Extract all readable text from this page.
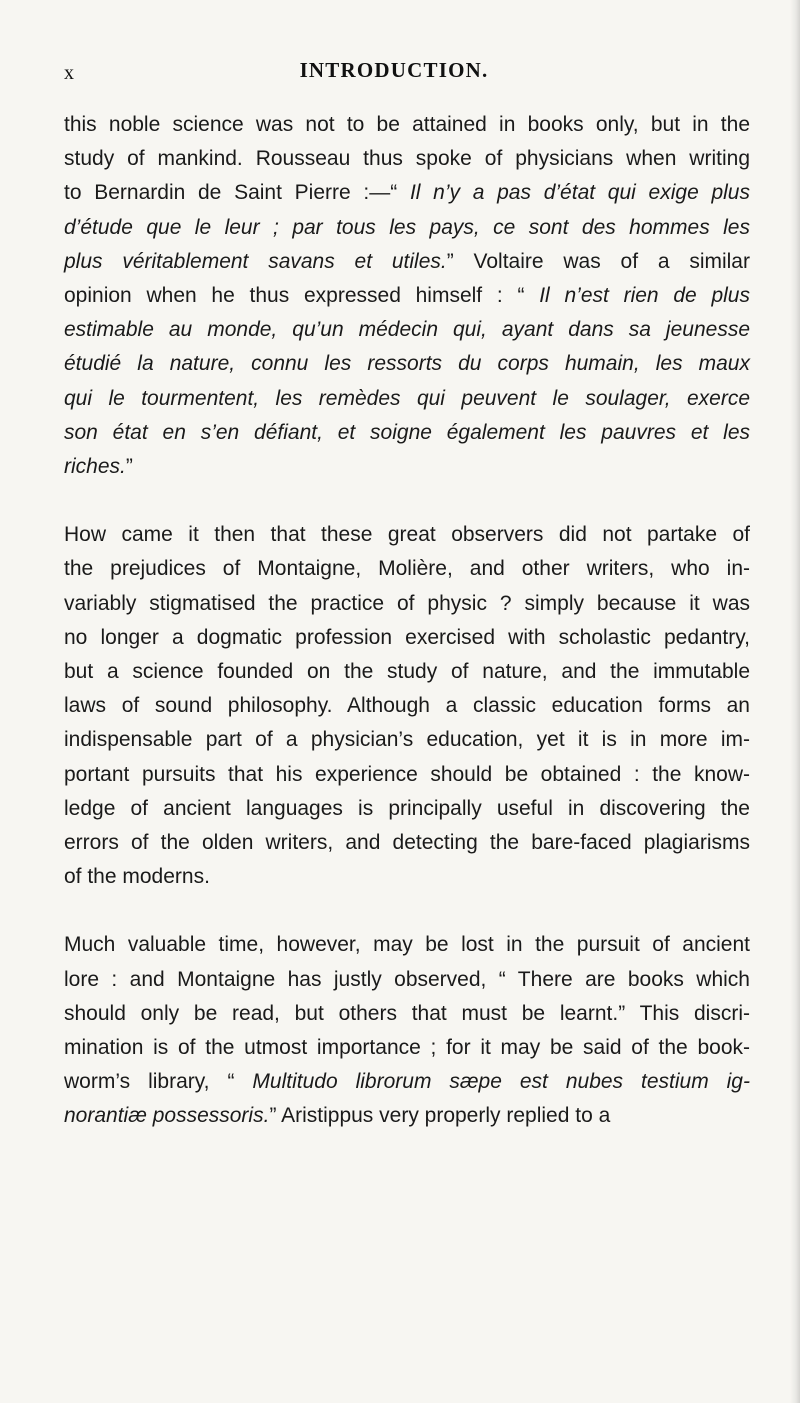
x	INTRODUCTION.

this noble science was not to be attained in books only, but in the
study of mankind. Rousseau thus spoke of physicians when writing
to Bernardin de Saint Pierre :—“ Il n’y a pas d’état qui exige plus
d’étude que le leur ; par tous les pays, ce sont des hommes les
plus véritablement savans et utiles.” Voltaire was of a similar
opinion when he thus expressed himself : “ Il n’est rien de plus
estimable au monde, qu’un médecin qui, ayant dans sa jeunesse
étudié la nature, connu les ressorts du corps humain, les maux
qui le tourmentent, les remèdes qui peuvent le soulager, exerce
son état en s’en défiant, et soigne également les pauvres et les
riches.”

How came it then that these great observers did not partake of
the prejudices of Montaigne, Molière, and other writers, who in-
variably stigmatised the practice of physic ? simply because it was
no longer a dogmatic profession exercised with scholastic pedantry,
but a science founded on the study of nature, and the immutable
laws of sound philosophy. Although a classic education forms an
indispensable part of a physician’s education, yet it is in more im-
portant pursuits that his experience should be obtained : the know-
ledge of ancient languages is principally useful in discovering the
errors of the olden writers, and detecting the bare-faced plagiarisms
of the moderns.

Much valuable time, however, may be lost in the pursuit of ancient
lore : and Montaigne has justly observed, “ There are books which
should only be read, but others that must be learnt.” This discri-
mination is of the utmost importance ; for it may be said of the book-
worm’s library, “ Multitudo librorum sæpe est nubes testium ig-
norantiæ possessoris.” Aristippus very properly replied to a
